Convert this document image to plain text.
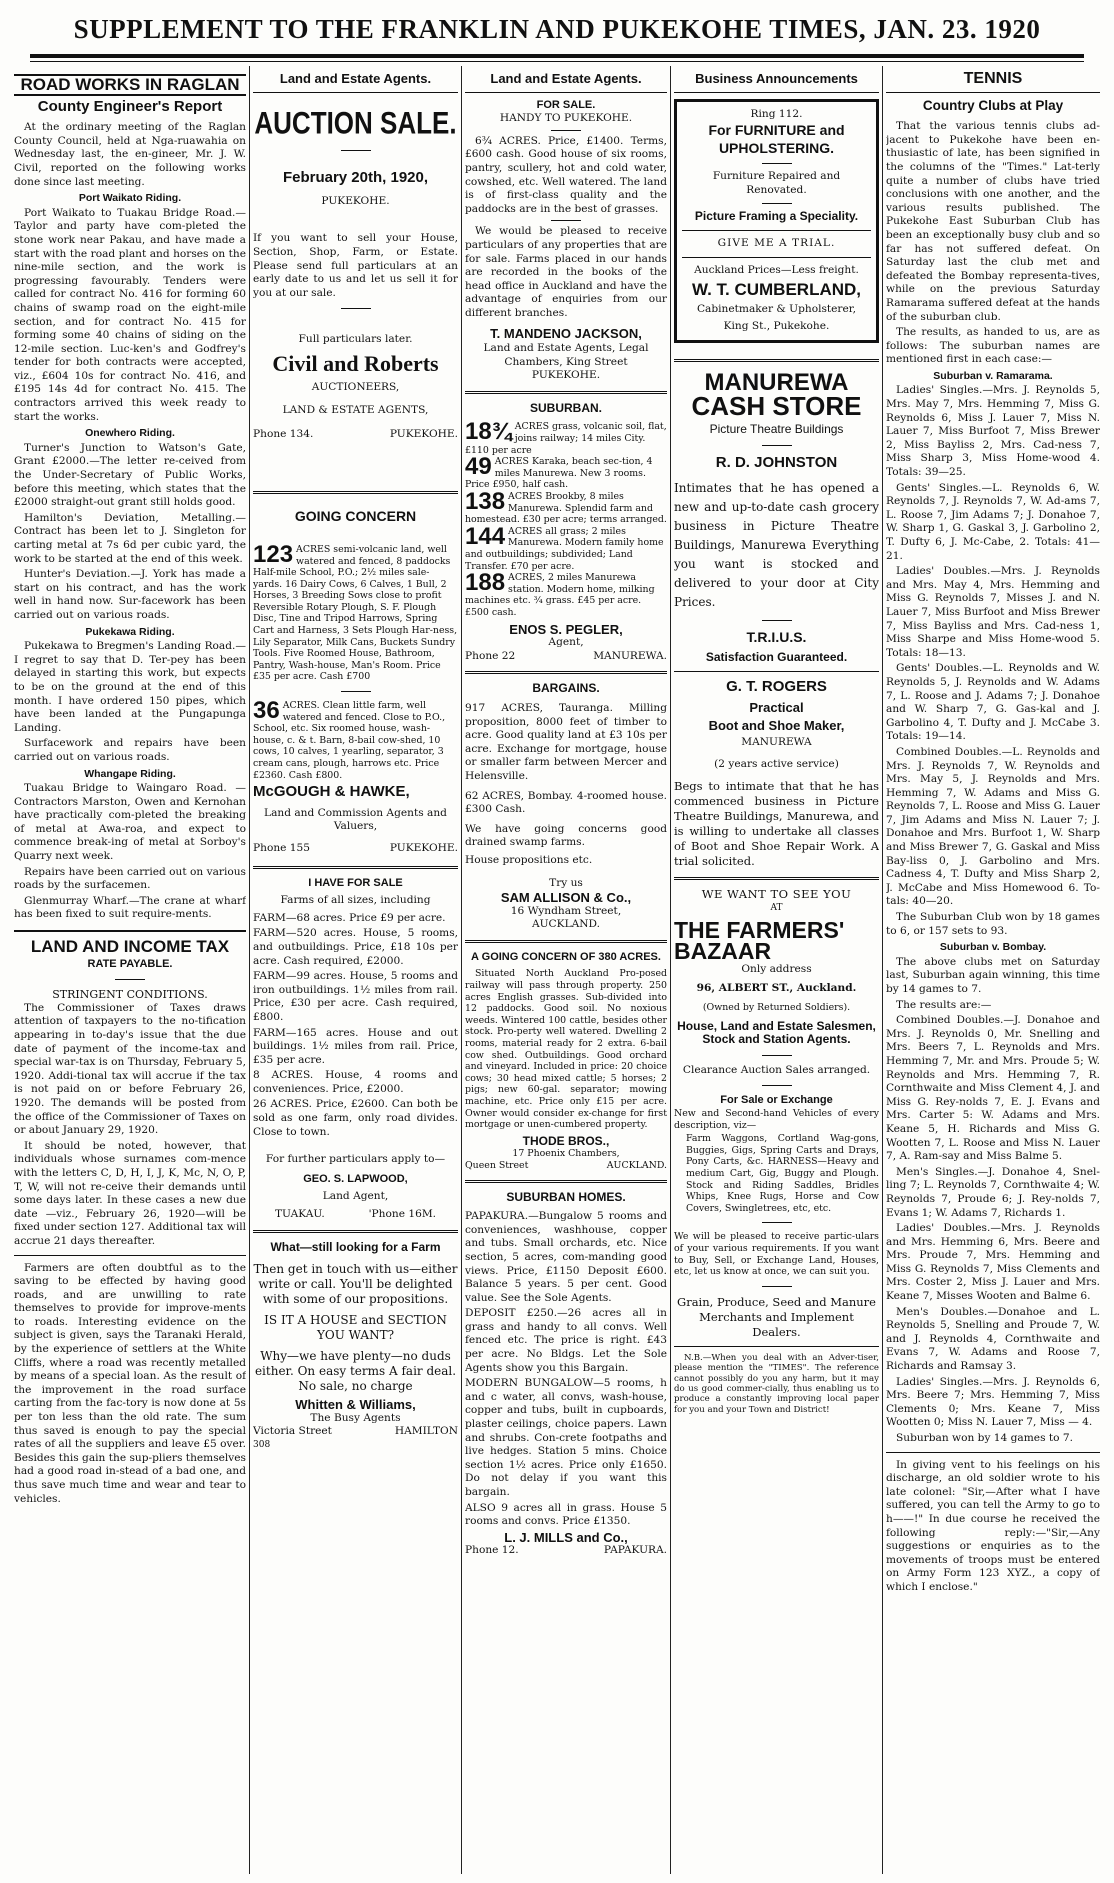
SUPPLEMENT TO THE FRANKLIN AND PUKEKOHE TIMES, JAN. 23. 1920
ROAD WORKS IN RAGLAN
County Engineer's Report

At the ordinary meeting of the Raglan County Council, held at Nga-ruawahia on Wednesday last, the en-gineer, Mr. J. W. Civil, reported on the following works done since last meeting.

Port Waikato Riding.

Port Waikato to Tuakau Bridge Road.—Taylor and party have com-pleted the stone work near Pakau, and have made a start with the road plant and horses on the nine-mile section, and the work is progressing favourably. Tenders were called for contract No. 416 for forming 60 chains of swamp road on the eight-mile section, and for contract No. 415 for forming some 40 chains of siding on the 12-mile section. Luc-ken's and Godfrey's tender for both contracts were accepted, viz., £604 10s for contract No. 416, and £195 14s 4d for contract No. 415. The contractors arrived this week ready to start the works.

Onewhero Riding.

Turner's Junction to Watson's Gate, Grant £2000.—The letter re-ceived from the Under-Secretary of Public Works, before this meeting, which states that the £2000 straight-out grant still holds good.

Hamilton's Deviation, Metalling.—Contract has been let to J. Singleton for carting metal at 7s 6d per cubic yard, the work to be started at the end of this week.

Hunter's Deviation.—J. York has made a start on his contract, and has the work well in hand now. Sur-facework has been carried out on various roads.

Pukekawa Riding.

Pukekawa to Bregmen's Landing Road.—I regret to say that D. Ter-pey has been delayed in starting this work, but expects to be on the ground at the end of this month. I have ordered 150 pipes, which have been landed at the Pungapunga Landing.

Surfacework and repairs have been carried out on various roads.

Whangape Riding.

Tuakau Bridge to Waingaro Road. —Contractors Marston, Owen and Kernohan have practically com-pleted the breaking of metal at Awa-roa, and expect to commence break-ing of metal at Sorboy's Quarry next week.

Repairs have been carried out on various roads by the surfacemen.

Glenmurray Wharf.—The crane at wharf has been fixed to suit require-ments.

LAND AND INCOME TAX
RATE PAYABLE.
STRINGENT CONDITIONS.

The Commissioner of Taxes draws attention of taxpayers to the no-tification appearing in to-day's issue that the due date of payment of the income-tax and special war-tax is on Thursday, February 5, 1920. Addi-tional tax will accrue if the tax is not paid on or before February 26, 1920. The demands will be posted from the office of the Commissioner of Taxes on or about January 29, 1920.

It should be noted, however, that individuals whose surnames com-mence with the letters C, D, H, I, J, K, Mc, N, O, P, T, W, will not re-ceive their demands until some days later. In these cases a new due date —viz., February 26, 1920—will be fixed under section 127. Additional tax will accrue 21 days thereafter.

Farmers are often doubtful as to the saving to be effected by having good roads, and are unwilling to rate themselves to provide for improve-ments to roads. Interesting evidence on the subject is given, says the Taranaki Herald, by the experience of settlers at the White Cliffs, where a road was recently metalled by means of a special loan. As the result of the improvement in the road surface carting from the fac-tory is now done at 5s per ton less than the old rate. The sum thus saved is enough to pay the special rates of all the suppliers and leave £5 over. Besides this gain the sup-pliers themselves had a good road in-stead of a bad one, and thus save much time and wear and tear to vehicles.

Land and Estate Agents.
AUCTION SALE.
February 20th, 1920,
PUKEKOHE.

If you want to sell your House, Section, Shop, Farm, or Estate. Please send full particulars at an early date to us and let us sell it for you at our sale.

Full particulars later.
Civil and Roberts
AUCTIONEERS,
LAND & ESTATE AGENTS,
Phone 134.	PUKEKOHE.
GOING CONCERN
123 ACRES semi-volcanic land, well watered and fenced, 8 paddocks Half-mile School, P.O.; 2½ miles sale-yards. 16 Dairy Cows, 6 Calves, 1 Bull, 2 Horses, 3 Breeding Sows close to profit Reversible Rotary Plough, S. F. Plough Disc, Tine and Tripod Harrows, Spring Cart and Harness, 3 Sets Plough Har-ness, Lily Separator, Milk Cans, Buckets Sundry Tools. Five Roomed House, Bathroom, Pantry, Wash-house, Man's Room. Price £35 per acre. Cash £700
36 ACRES. Clean little farm, well watered and fenced. Close to P.O., School, etc. Six roomed house, wash-house, c. & t. Barn, 8-bail cow-shed, 10 cows, 10 calves, 1 yearling, separator, 3 cream cans, plough, harrows etc. Price £2360. Cash £800.
McGOUGH & HAWKE,
Land and Commission Agents and Valuers,
Phone 155	PUKEKOHE.
I HAVE FOR SALE
Farms of all sizes, including

FARM—68 acres. Price £9 per acre.

FARM—520 acres. House, 5 rooms, and outbuildings. Price, £18 10s per acre. Cash required, £2000.

FARM—99 acres. House, 5 rooms and iron outbuildings. 1½ miles from rail. Price, £30 per acre. Cash required, £800.

FARM—165 acres. House and out buildings. 1½ miles from rail. Price, £35 per acre.

8 ACRES. House, 4 rooms and conveniences. Price, £2000.

26 ACRES. Price, £2600. Can both be sold as one farm, only road divides. Close to town.

For further particulars apply to—
GEO. S. LAPWOOD,
Land Agent,
TUAKAU.	'Phone 16M.
What—still looking for a Farm

Then get in touch with us—either write or call. You'll be delighted with some of our propositions.

IS IT A HOUSE and SECTION YOU WANT?

Why—we have plenty—no duds either. On easy terms A fair deal. No sale, no charge

Whitten & Williams,
The Busy Agents
Victoria Street	HAMILTON
308
Land and Estate Agents.
FOR SALE.
HANDY TO PUKEKOHE.

6¾ ACRES. Price, £1400. Terms, £600 cash. Good house of six rooms, pantry, scullery, hot and cold water, cowshed, etc. Well watered. The land is of first-class quality and the paddocks are in the best of grasses.

We would be pleased to receive particulars of any properties that are for sale. Farms placed in our hands are recorded in the books of the head office in Auckland and have the advantage of enquiries from our different branches.

T. MANDENO JACKSON,
Land and Estate Agents, Legal Chambers, King Street
PUKEKOHE.
SUBURBAN.
18¾ ACRES grass, volcanic soil, flat, joins railway; 14 miles City. £110 per acre
49 ACRES Karaka, beach sec-tion, 4 miles Manurewa. New 3 rooms. Price £950, half cash.
138 ACRES Brookby, 8 miles Manurewa. Splendid farm and homestead. £30 per acre; terms arranged.
144 ACRES all grass; 2 miles Manurewa. Modern family home and outbuildings; subdivided; Land Transfer. £70 per acre.
188 ACRES, 2 miles Manurewa station. Modern home, milking machines etc. ¾ grass. £45 per acre. £500 cash.
ENOS S. PEGLER,
Agent,
Phone 22	MANUREWA.
BARGAINS.

917 ACRES, Tauranga. Milling proposition, 8000 feet of timber to acre. Good quality land at £3 10s per acre. Exchange for mortgage, house or smaller farm between Mercer and Helensville.

62 ACRES, Bombay. 4-roomed house. £300 Cash.

We have going concerns good drained swamp farms.

House propositions etc.

Try us
SAM ALLISON & Co.,
16 Wyndham Street,
AUCKLAND.
A GOING CONCERN OF 380 ACRES.

Situated North Auckland Pro-posed railway will pass through property. 250 acres English grasses. Sub-divided into 12 paddocks. Good soil. No noxious weeds. Wintered 100 cattle, besides other stock. Pro-perty well watered. Dwelling 2 rooms, material ready for 2 extra. 6-bail cow shed. Outbuildings. Good orchard and vineyard. Included in price: 20 choice cows; 30 head mixed cattle; 5 horses; 2 pigs; new 60-gal. separator; mowing machine, etc. Price only £15 per acre. Owner would consider ex-change for first mortgage or unen-cumbered property.

THODE BROS.,
17 Phoenix Chambers,
Queen Street	AUCKLAND.
SUBURBAN HOMES.

PAPAKURA.—Bungalow 5 rooms and conveniences, washhouse, copper and tubs. Small orchards, etc. Nice section, 5 acres, com-manding good views. Price, £1150 Deposit £600. Balance 5 years. 5 per cent. Good value. See the Sole Agents.

DEPOSIT £250.—26 acres all in grass and handy to all convs. Well fenced etc. The price is right. £43 per acre. No Bldgs. Let the Sole Agents show you this Bargain.

MODERN BUNGALOW—5 rooms, h and c water, all convs, wash-house, copper and tubs, built in cupboards, plaster ceilings, choice papers. Lawn and shrubs. Con-crete footpaths and live hedges. Station 5 mins. Choice section 1½ acres. Price only £1650. Do not delay if you want this bargain.

ALSO 9 acres all in grass. House 5 rooms and convs. Price £1350.

L. J. MILLS and Co.,
Phone 12.	PAPAKURA.
Business Announcements
Ring 112.
For FURNITURE and UPHOLSTERING.
Furniture Repaired and Renovated.
Picture Framing a Speciality.
GIVE ME A TRIAL.
Auckland Prices—Less freight.
W. T. CUMBERLAND,
Cabinetmaker & Upholsterer,
King St., Pukekohe.
MANUREWA
CASH STORE
Picture Theatre Buildings
R. D. JOHNSTON

Intimates that he has opened a new and up-to-date cash grocery business in Picture Theatre Buildings, Manurewa Everything you want is stocked and delivered to your door at City Prices.

T.R.I.U.S.
Satisfaction Guaranteed.
G. T. ROGERS
Practical
Boot and Shoe Maker,
MANUREWA
(2 years active service)

Begs to intimate that that he has commenced business in Picture Theatre Buildings, Manurewa, and is willing to undertake all classes of Boot and Shoe Repair Work. A trial solicited.

WE WANT TO SEE YOU
AT
THE FARMERS'
BAZAAR
Only address
96, ALBERT ST., Auckland.
(Owned by Returned Soldiers).
House, Land and Estate Salesmen, Stock and Station Agents.
Clearance Auction Sales arranged.
For Sale or Exchange

New and Second-hand Vehicles of every description, viz—

Farm Waggons, Cortland Wag-gons, Buggies, Gigs, Spring Carts and Drays, Pony Carts, &c. HARNESS—Heavy and medium Cart, Gig, Buggy and Plough. Stock and Riding Saddles, Bridles Whips, Knee Rugs, Horse and Cow Covers, Swingletrees, etc, etc.

We will be pleased to receive partic-ulars of your various requirements. If you want to Buy, Sell, or Exchange Land, Houses, etc, let us know at once, we can suit you.

Grain, Produce, Seed and Manure Merchants and Implement Dealers.

N.B.—When you deal with an Adver-tiser, please mention the "TIMES". The reference cannot possibly do you any harm, but it may do us good commer-cially, thus enabling us to produce a constantly improving local paper for you and your Town and District!

TENNIS
Country Clubs at Play

That the various tennis clubs ad-jacent to Pukekohe have been en-thusiastic of late, has been signified in the columns of the "Times." Lat-terly quite a number of clubs have tried conclusions with one another, and the various results published. The Pukekohe East Suburban Club has been an exceptionally busy club and so far has not suffered defeat. On Saturday last the club met and defeated the Bombay representa-tives, while on the previous Saturday Ramarama suffered defeat at the hands of the suburban club.

The results, as handed to us, are as follows: The suburban names are mentioned first in each case:—

Suburban v. Ramarama.

Ladies' Singles.—Mrs. J. Reynolds 5, Mrs. May 7, Mrs. Hemming 7, Miss G. Reynolds 6, Miss J. Lauer 7, Miss N. Lauer 7, Miss Burfoot 7, Miss Brewer 2, Miss Bayliss 2, Mrs. Cad-ness 7, Miss Sharp 3, Miss Home-wood 4. Totals: 39—25.

Gents' Singles.—L. Reynolds 6, W. Reynolds 7, J. Reynolds 7, W. Ad-ams 7, L. Roose 7, Jim Adams 7; J. Donahoe 7, W. Sharp 1, G. Gaskal 3, J. Garbolino 2, T. Dufty 6, J. Mc-Cabe, 2. Totals: 41—21.

Ladies' Doubles.—Mrs. J. Reynolds and Mrs. May 4, Mrs. Hemming and Miss G. Reynolds 7, Misses J. and N. Lauer 7, Miss Burfoot and Miss Brewer 7, Miss Bayliss and Mrs. Cad-ness 1, Miss Sharpe and Miss Home-wood 5. Totals: 18—13.

Gents' Doubles.—L. Reynolds and W. Reynolds 5, J. Reynolds and W. Adams 7, L. Roose and J. Adams 7; J. Donahoe and W. Sharp 7, G. Gas-kal and J. Garbolino 4, T. Dufty and J. McCabe 3. Totals: 19—14.

Combined Doubles.—L. Reynolds and Mrs. J. Reynolds 7, W. Reynolds and Mrs. May 5, J. Reynolds and Mrs. Hemming 7, W. Adams and Miss G. Reynolds 7, L. Roose and Miss G. Lauer 7, Jim Adams and Miss N. Lauer 7; J. Donahoe and Mrs. Burfoot 1, W. Sharp and Miss Brewer 7, G. Gaskal and Miss Bay-liss 0, J. Garbolino and Mrs. Cadness 4, T. Dufty and Miss Sharp 2, J. McCabe and Miss Homewood 6. To-tals: 40—20.

The Suburban Club won by 18 games to 6, or 157 sets to 93.

Suburban v. Bombay.

The above clubs met on Saturday last, Suburban again winning, this time by 14 games to 7.

The results are:—

Combined Doubles.—J. Donahoe and Mrs. J. Reynolds 0, Mr. Snelling and Mrs. Beers 7, L. Reynolds and Mrs. Hemming 7, Mr. and Mrs. Proude 5; W. Reynolds and Mrs. Hemming 7, R. Cornthwaite and Miss Clement 4, J. and Miss G. Rey-nolds 7, E. J. Evans and Mrs. Carter 5: W. Adams and Mrs. Keane 5, H. Richards and Miss G. Wootten 7, L. Roose and Miss N. Lauer 7, A. Ram-say and Miss Balme 5.

Men's Singles.—J. Donahoe 4, Snel-ling 7; L. Reynolds 7, Cornthwaite 4; W. Reynolds 7, Proude 6; J. Rey-nolds 7, Evans 1; W. Adams 7, Richards 1.

Ladies' Doubles.—Mrs. J. Reynolds and Mrs. Hemming 6, Mrs. Beere and Mrs. Proude 7, Mrs. Hemming and Miss G. Reynolds 7, Miss Clements and Mrs. Coster 2, Miss J. Lauer and Mrs. Keane 7, Misses Wooten and Balme 6.

Men's Doubles.—Donahoe and L. Reynolds 5, Snelling and Proude 7, W. and J. Reynolds 4, Cornthwaite and Evans 7, W. Adams and Roose 7, Richards and Ramsay 3.

Ladies' Singles.—Mrs. J. Reynolds 6, Mrs. Beere 7; Mrs. Hemming 7, Miss Clements 0; Mrs. Keane 7, Miss Wootten 0; Miss N. Lauer 7, Miss — 4.

Suburban won by 14 games to 7.

In giving vent to his feelings on his discharge, an old soldier wrote to his late colonel: "Sir,—After what I have suffered, you can tell the Army to go to h——!" In due course he received the following reply:—"Sir,—Any suggestions or enquiries as to the movements of troops must be entered on Army Form 123 XYZ., a copy of which I enclose."
